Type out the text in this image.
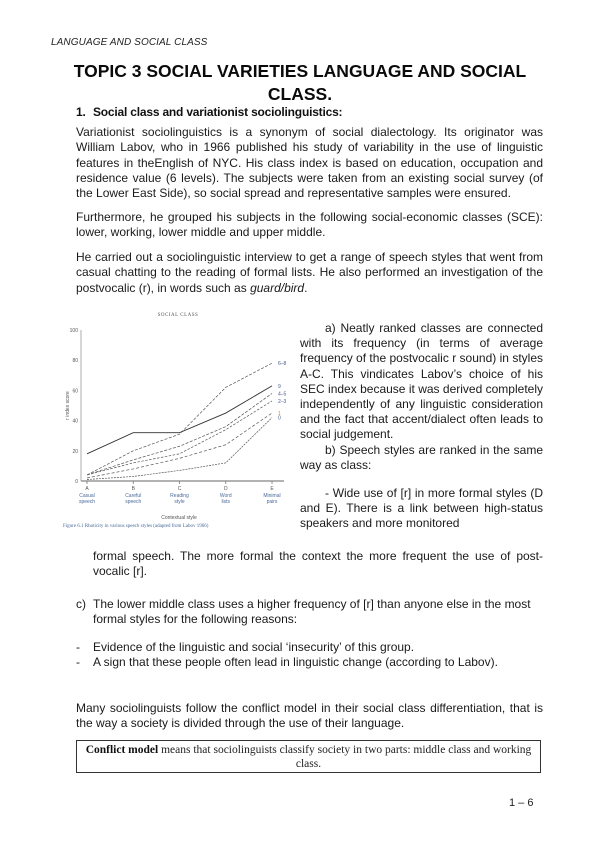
LANGUAGE AND SOCIAL CLASS
TOPIC 3 SOCIAL VARIETIES LANGUAGE AND SOCIAL
CLASS.
1. Social class and variationist sociolinguistics:
Variationist sociolinguistics is a synonym of social dialectology. Its originator was William Labov, who in 1966 published his study of variability in the use of linguistic features in theEnglish of NYC. His class index is based on education, occupation and residence value (6 levels). The subjects were taken from an existing social survey (of the Lower East Side), so social spread and representative samples were ensured.
Furthermore, he grouped his subjects in the following social-economic classes (SCE): lower, working, lower middle and upper middle.
He carried out a sociolinguistic interview to get a range of speech styles that went from casual chatting to the reading of formal lists. He also performed an investigation of the postvocalic (r), in words such as guard/bird.
SOCIAL CLASS
0
20
40
60
80
100
r index score
A
Casual
speech
B
Careful
speech
C
Reading
style
D
Word
lists
E
Minimal
pairs
Contextual style
6–8
9
4–5
2–3
1
0
Figure 6.1 Rhoticity in various speech styles (adapted from Labov 1966)
a) Neatly ranked classes are connected with its frequency (in terms of average frequency of the postvocalic r sound) in styles A-C. This vindicates Labov’s choice of his SEC index because it was derived completely independently of any linguistic consideration and the fact that accent/dialect often leads to social judgement.
b) Speech styles are ranked in the same way as class:
- Wide use of [r] in more formal styles (D and E). There is a link between high-status speakers and more monitored
formal speech. The more formal the context the more frequent the use of post-vocalic [r].
c) The lower middle class uses a higher frequency of [r] than anyone else in the most formal styles for the following reasons:
-	Evidence of the linguistic and social ‘insecurity’ of this group.
-	A sign that these people often lead in linguistic change (according to Labov).
Many sociolinguists follow the conflict model in their social class differentiation, that is the way a society is divided through the use of their language.
Conflict model means that sociolinguists classify society in two parts: middle class and working class.
1 – 6
